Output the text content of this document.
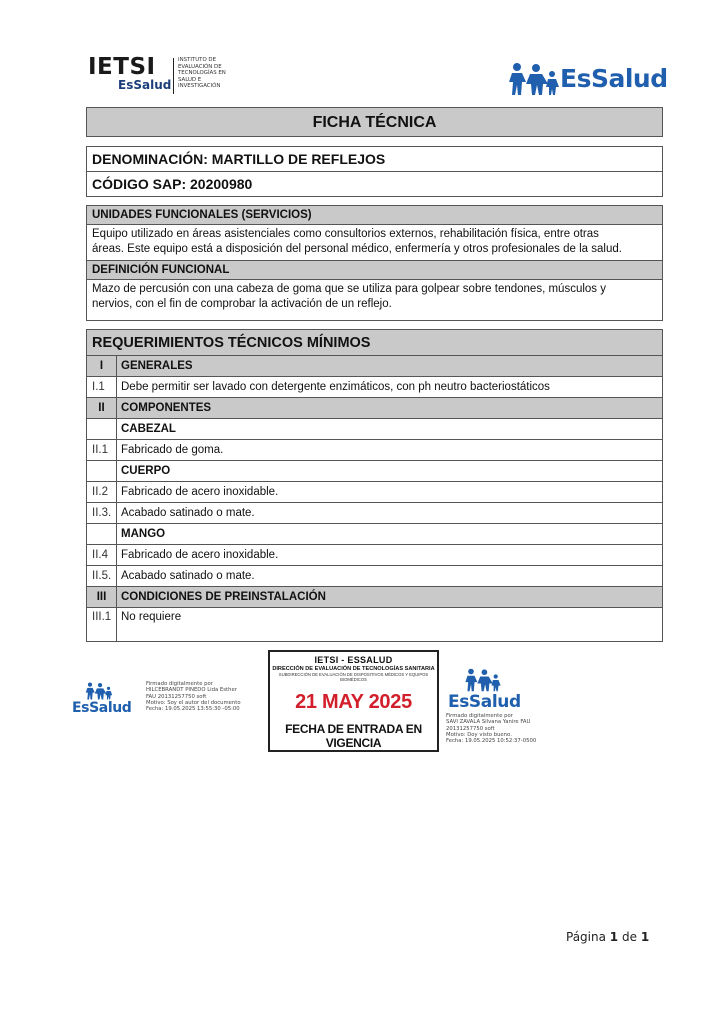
IETSI
EsSalud
INSTITUTO DE
EVALUACIÓN DE
TECNOLOGÍAS EN
SALUD E
INVESTIGACIÓN	EsSalud
FICHA TÉCNICA
DENOMINACIÓN: MARTILLO DE REFLEJOS
CÓDIGO SAP: 20200980
UNIDADES FUNCIONALES (SERVICIOS)
Equipo utilizado en áreas asistenciales como consultorios externos, rehabilitación física, entre otras
áreas. Este equipo está a disposición del personal médico, enfermería y otros profesionales de la salud.
DEFINICIÓN FUNCIONAL
Mazo de percusión con una cabeza de goma que se utiliza para golpear sobre tendones, músculos y
nervios, con el fin de comprobar la activación de un reflejo.
REQUERIMIENTOS TÉCNICOS MÍNIMOS
I	GENERALES
I.1	Debe permitir ser lavado con detergente enzimáticos, con ph neutro bacteriostáticos
II	COMPONENTES
	CABEZAL
II.1	Fabricado de goma.
	CUERPO
II.2	Fabricado de acero inoxidable.
II.3.	Acabado satinado o mate.
	MANGO
II.4	Fabricado de acero inoxidable.
II.5.	Acabado satinado o mate.
III	CONDICIONES DE PREINSTALACIÓN
III.1	No requiere
EsSalud
Firmado digitalmente por
HILCEBRANDT PINEDO Lida Esther
FAU 20131257750 soft
Motivo: Soy el autor del documento
Fecha: 19.05.2025 13:55:30 -05:00
IETSI - ESSALUD
DIRECCIÓN DE EVALUACIÓN DE TECNOLOGÍAS SANITARIA
SUBDIRECCIÓN DE EVALUACIÓN DE DISPOSITIVOS MÉDICOS Y EQUIPOS BIOMÉDICOS
21 MAY 2025
FECHA DE ENTRADA EN VIGENCIA
EsSalud
Firmado digitalmente por
SAVI ZAVALA Silvana Yanire FAU
20131257750 soft
Motivo: Doy visto bueno.
Fecha: 19.05.2025 10:52:37-0500
Página 1 de 1
